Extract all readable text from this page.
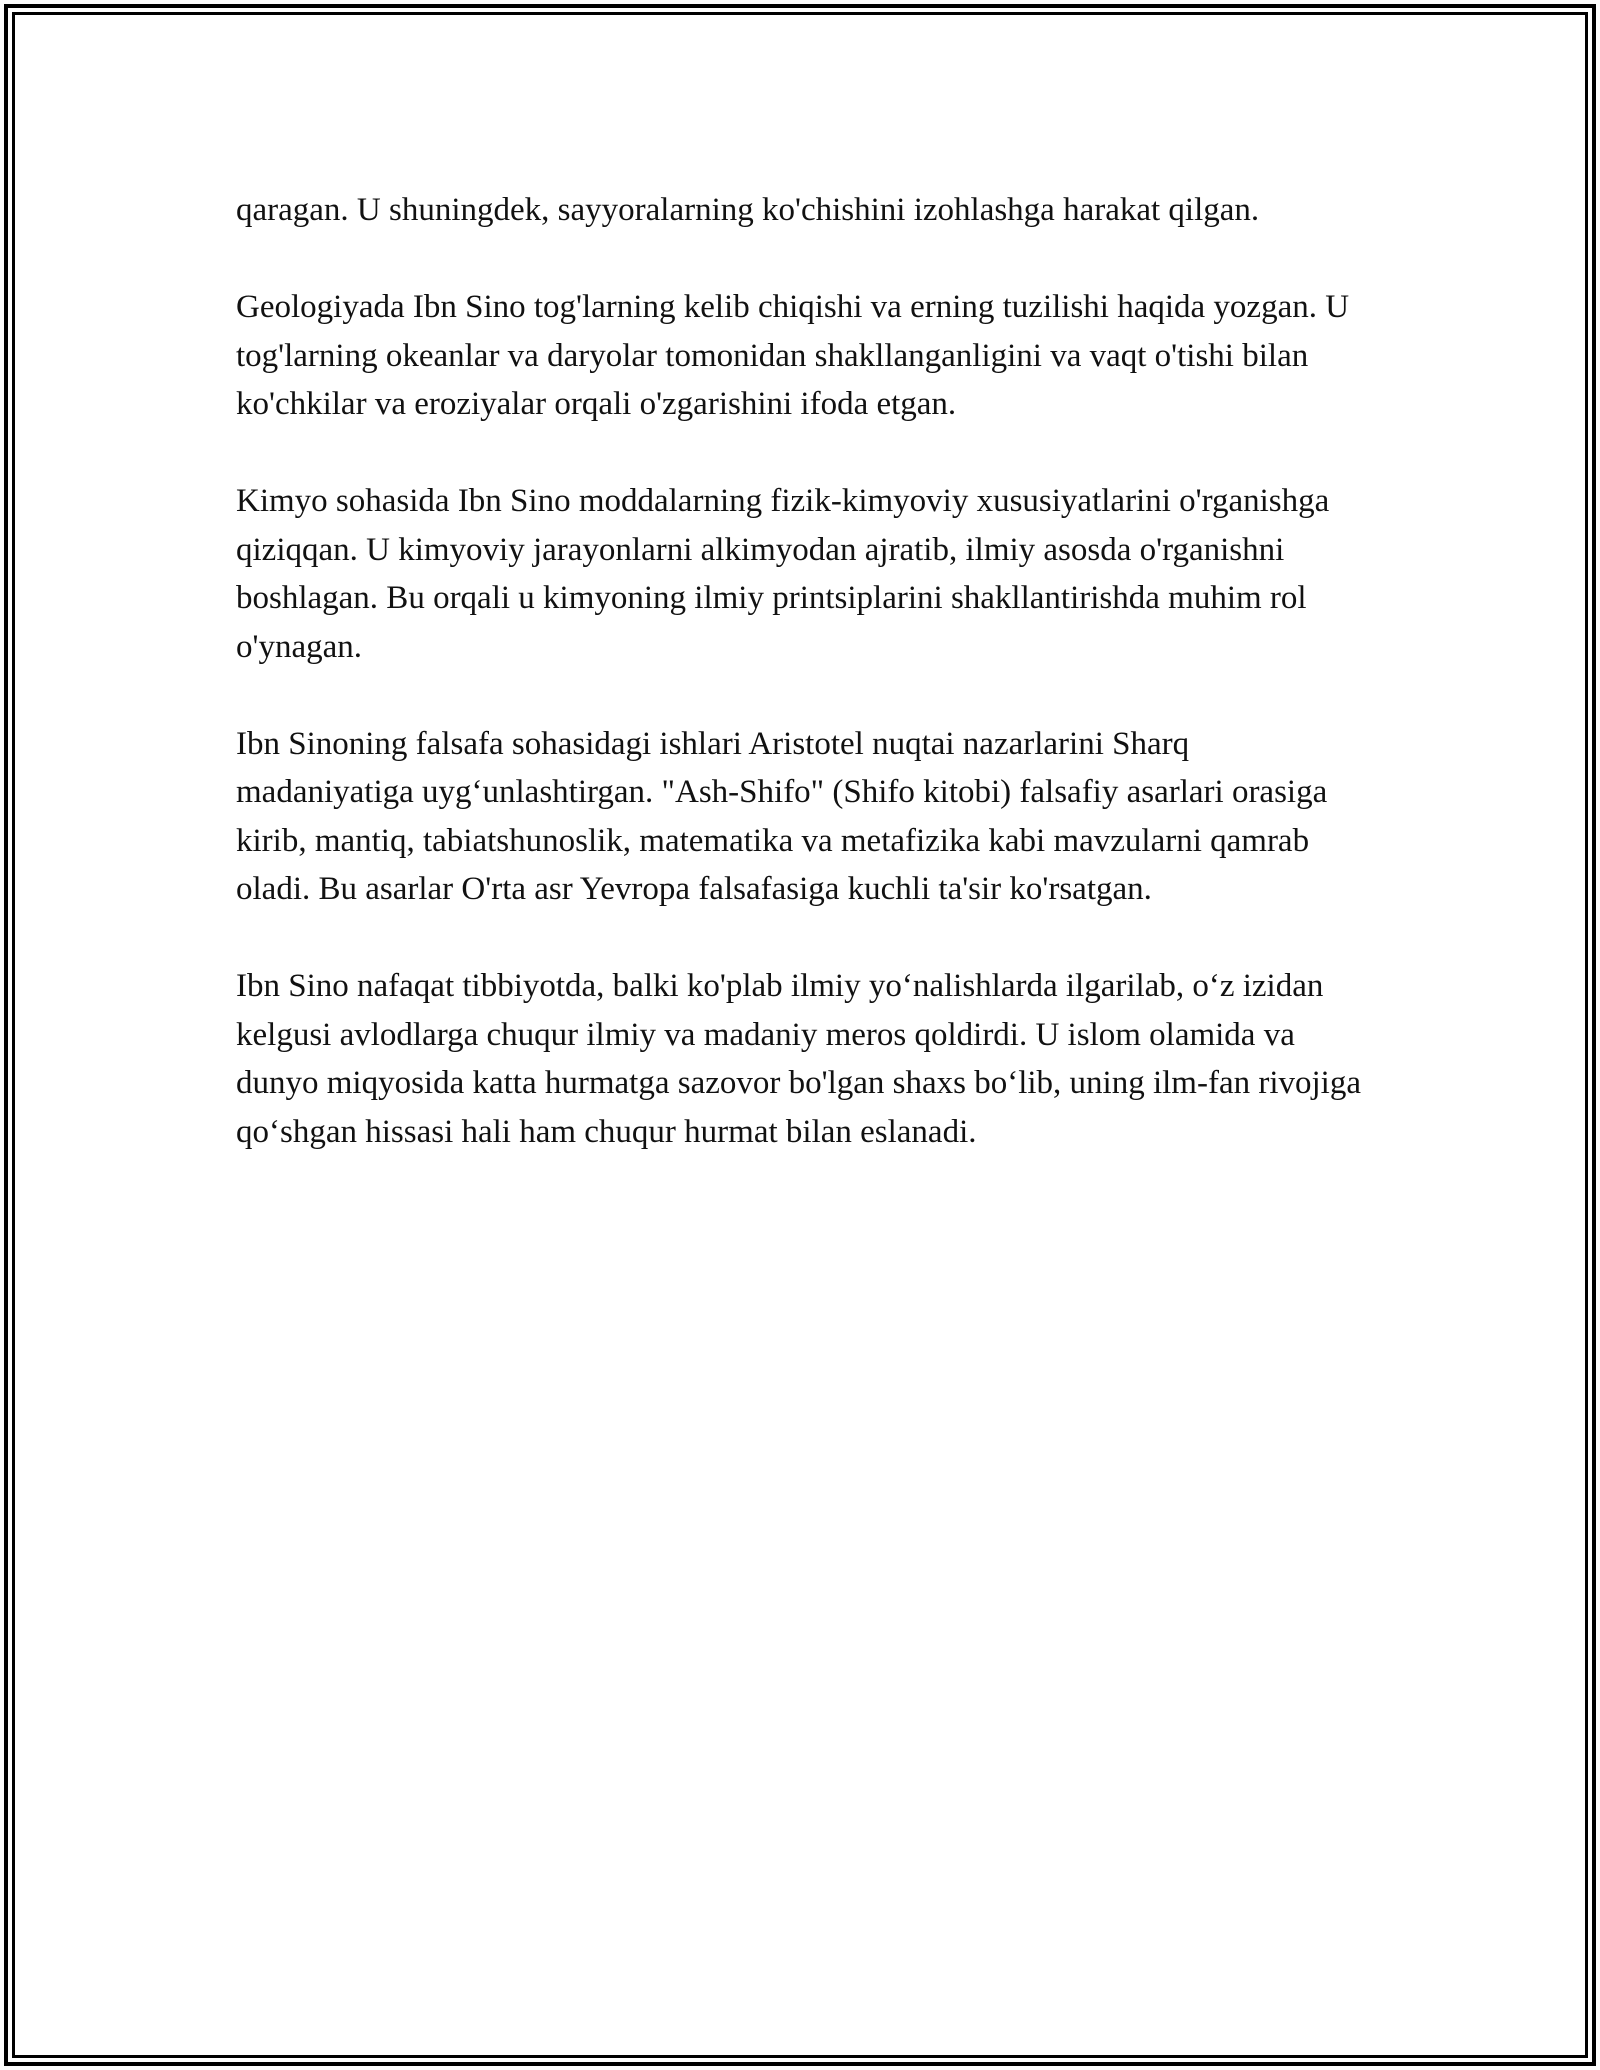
qaragan. U shuningdek, sayyoralarning ko'chishini izohlashga harakat qilgan.

Geologiyada Ibn Sino tog'larning kelib chiqishi va erning tuzilishi haqida yozgan. U tog'larning okeanlar va daryolar tomonidan shakllanganligini va vaqt o'tishi bilan ko'chkilar va eroziyalar orqali o'zgarishini ifoda etgan.

Kimyo sohasida Ibn Sino moddalarning fizik-kimyoviy xususiyatlarini o'rganishga qiziqqan. U kimyoviy jarayonlarni alkimyodan ajratib, ilmiy asosda o'rganishni boshlagan. Bu orqali u kimyoning ilmiy printsiplarini shakllantirishda muhim rol o'ynagan.

Ibn Sinoning falsafa sohasidagi ishlari Aristotel nuqtai nazarlarini Sharq madaniyatiga uyg‘unlashtirgan. "Ash-Shifo" (Shifo kitobi) falsafiy asarlari orasiga kirib, mantiq, tabiatshunoslik, matematika va metafizika kabi mavzularni qamrab oladi. Bu asarlar O'rta asr Yevropa falsafasiga kuchli ta'sir ko'rsatgan.

Ibn Sino nafaqat tibbiyotda, balki ko'plab ilmiy yo‘nalishlarda ilgarilab, o‘z izidan kelgusi avlodlarga chuqur ilmiy va madaniy meros qoldirdi. U islom olamida va dunyo miqyosida katta hurmatga sazovor bo'lgan shaxs bo‘lib, uning ilm-fan rivojiga qo‘shgan hissasi hali ham chuqur hurmat bilan eslanadi.
